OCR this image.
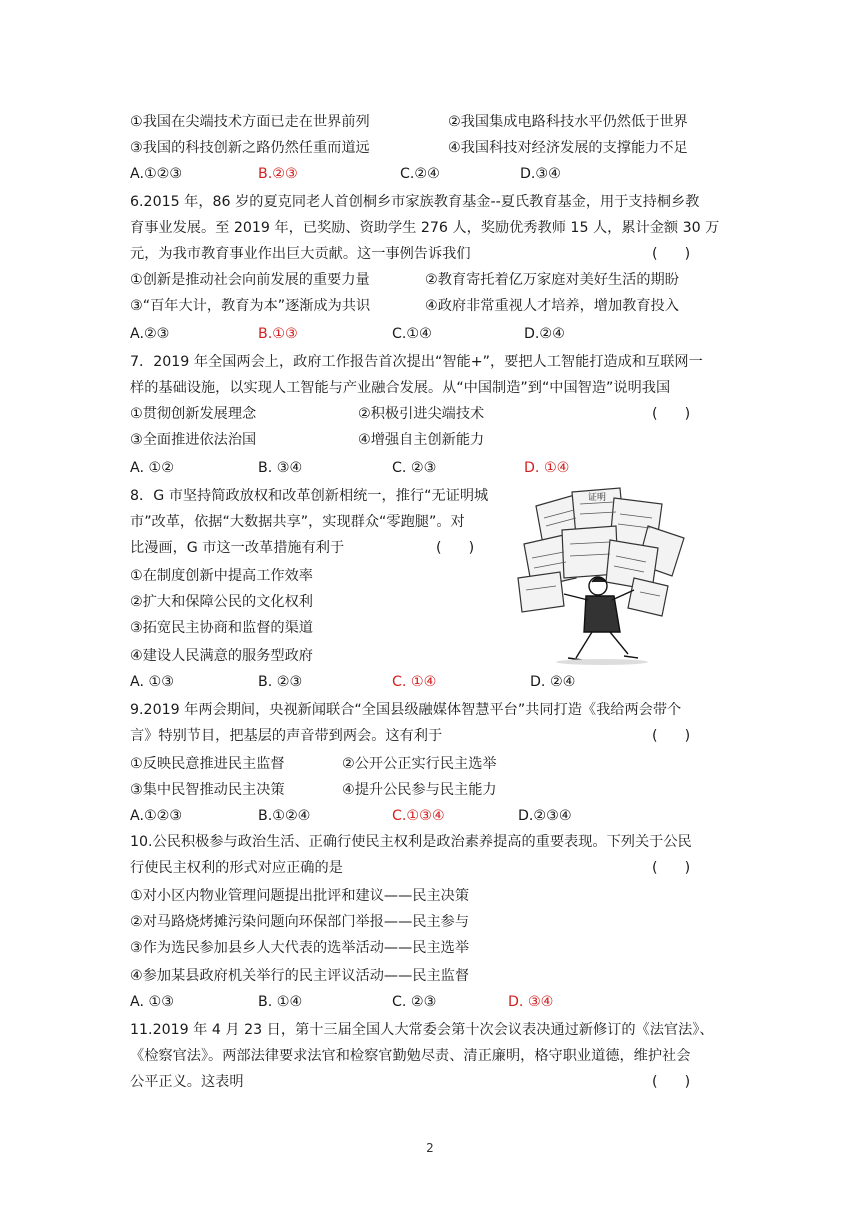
①我国在尖端技术方面已走在世界前列	②我国集成电路科技水平仍然低于世界
③我国的科技创新之路仍然任重而道远	④我国科技对经济发展的支撑能力不足
A.①②③	B.②③	C.②④	D.③④
6.2015 年，86 岁的夏克同老人首创桐乡市家族教育基金--夏氏教育基金，用于支持桐乡教
育事业发展。至 2019 年，已奖励、资助学生 276 人，奖励优秀教师 15 人，累计金额 30 万
元，为我市教育事业作出巨大贡献。这一事例告诉我们	(      )
①创新是推动社会向前发展的重要力量	②教育寄托着亿万家庭对美好生活的期盼
③“百年大计，教育为本”逐渐成为共识	④政府非常重视人才培养，增加教育投入
A.②③	B.①③	C.①④	D.②④
7．2019 年全国两会上，政府工作报告首次提出“智能+”，要把人工智能打造成和互联网一
样的基础设施，以实现人工智能与产业融合发展。从“中国制造”到“中国智造”说明我国
①贯彻创新发展理念	②积极引进尖端技术	(      )
③全面推进依法治国	④增强自主创新能力
A. ①②	B. ③④	C. ②③	D. ①④
8．G 市坚持简政放权和改革创新相统一，推行“无证明城
市”改革，依据“大数据共享”，实现群众“零跑腿”。对
比漫画，G 市这一改革措施有利于	(      )
①在制度创新中提高工作效率
②扩大和保障公民的文化权利
③拓宽民主协商和监督的渠道
④建设人民满意的服务型政府
A. ①③	B. ②③	C. ①④	D. ②④
证明
9.2019 年两会期间，央视新闻联合“全国县级融媒体智慧平台”共同打造《我给两会带个
言》特别节目，把基层的声音带到两会。这有利于	(      )
①反映民意推进民主监督	②公开公正实行民主选举
③集中民智推动民主决策	④提升公民参与民主能力
A.①②③	B.①②④	C.①③④	D.②③④
10.公民积极参与政治生活、正确行使民主权利是政治素养提高的重要表现。下列关于公民
行使民主权利的形式对应正确的是	(      )
①对小区内物业管理问题提出批评和建议——民主决策
②对马路烧烤摊污染问题向环保部门举报——民主参与
③作为选民参加县乡人大代表的选举活动——民主选举
④参加某县政府机关举行的民主评议活动——民主监督
A. ①③	B. ①④	C. ②③	D. ③④
11.2019 年 4 月 23 日，第十三届全国人大常委会第十次会议表决通过新修订的《法官法》、
《检察官法》。两部法律要求法官和检察官勤勉尽责、清正廉明，格守职业道德，维护社会
公平正义。这表明	(      )
2
